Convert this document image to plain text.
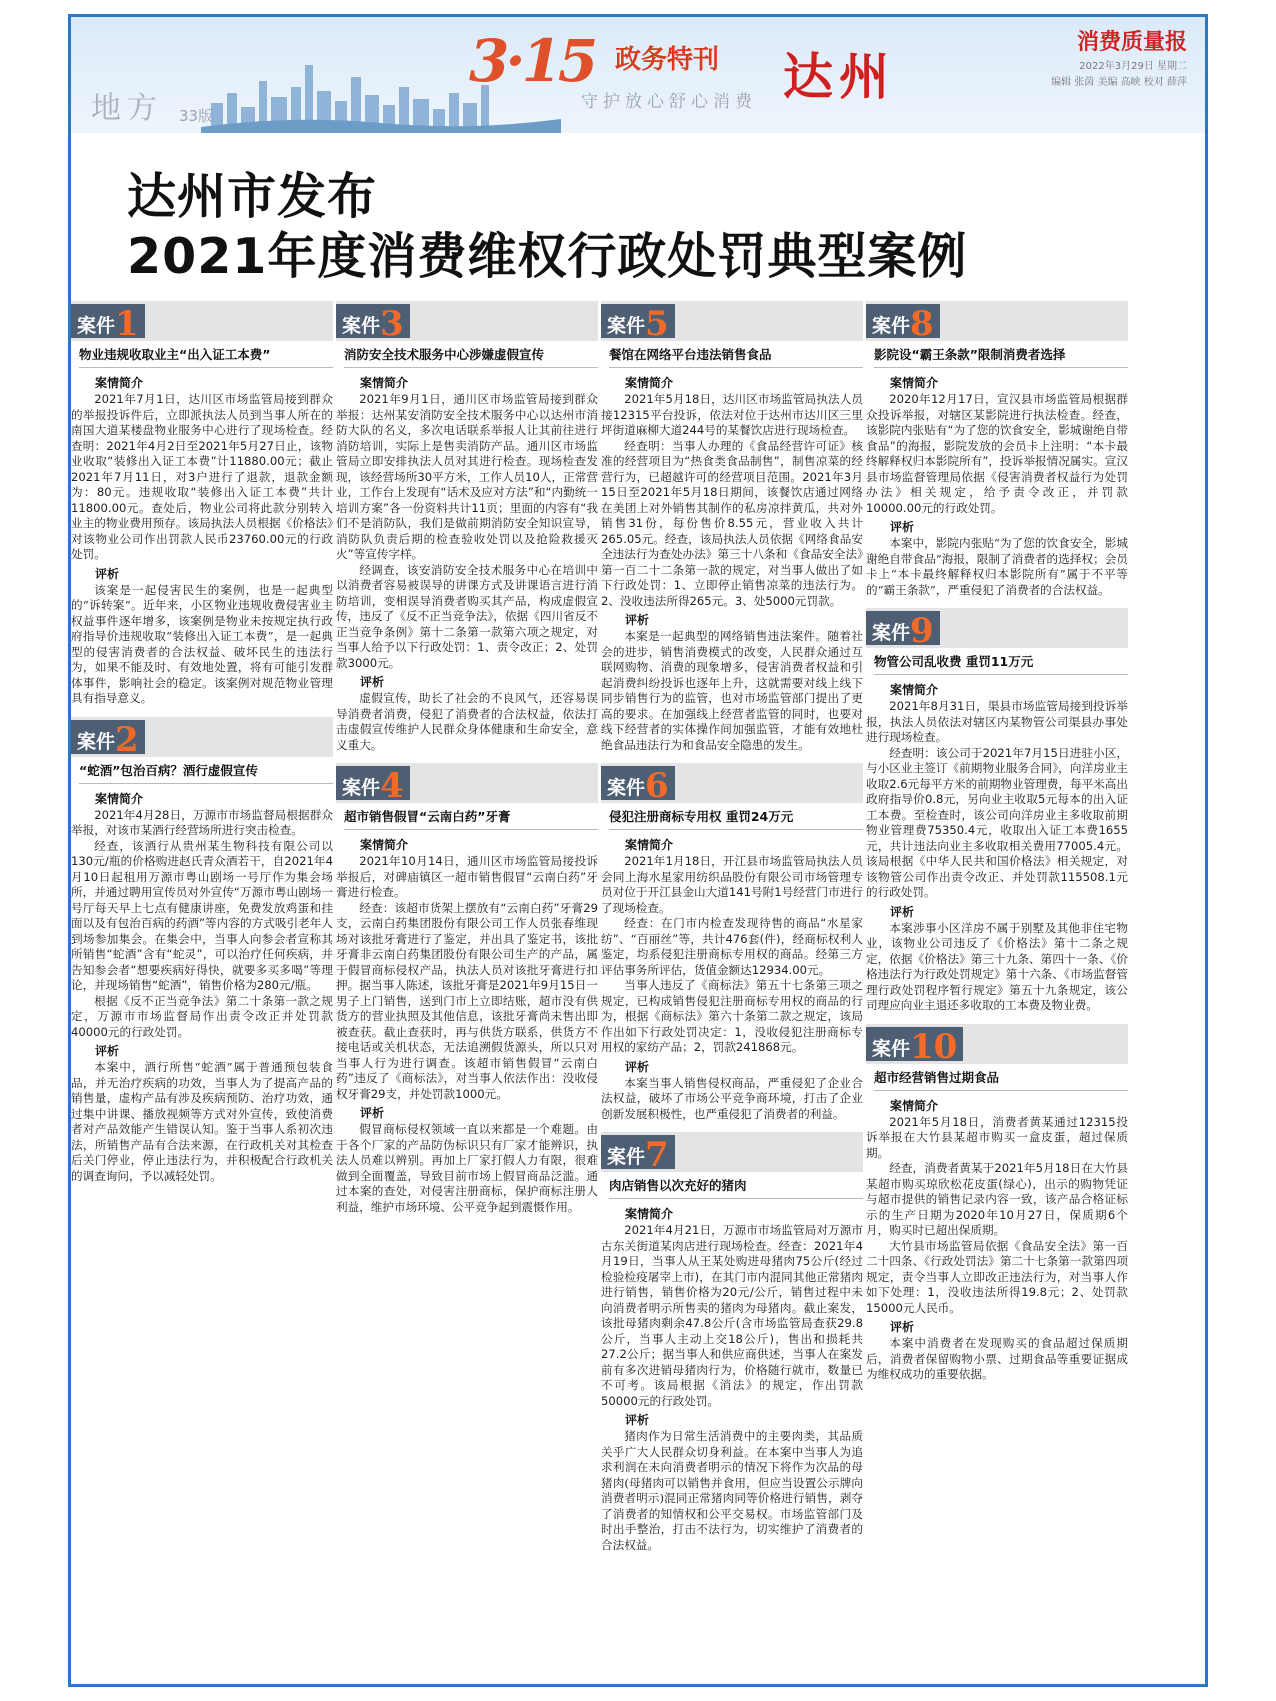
地方 33版
3·15 政务特刊
守护放心舒心消费 达州
消费质量报
2022年3月29日 星期二
编辑 张茵 美编 高峡 校对 薛萍
达州市发布
2021年度消费维权行政处罚典型案例
案件1
物业违规收取业主“出入证工本费”
案情简介

2021年7月1日，达川区市场监管局接到群众的举报投诉件后，立即派执法人员到当事人所在的南国大道某楼盘物业服务中心进行了现场检查。经查明：2021年4月2日至2021年5月27日止，该物业收取“装修出入证工本费”计11880.00元；截止2021年7月11日，对3户进行了退款，退款金额为：80元。违规收取“装修出入证工本费”共计11800.00元。查处后，物业公司将此款分别转入业主的物业费用预存。该局执法人员根据《价格法》对该物业公司作出罚款人民币23760.00元的行政处罚。

评析

该案是一起侵害民生的案例，也是一起典型的“诉转案”。近年来，小区物业违规收费侵害业主权益事件逐年增多，该案例是物业未按规定执行政府指导价违规收取“装修出入证工本费”，是一起典型的侵害消费者的合法权益、破坏民生的违法行为，如果不能及时、有效地处置，将有可能引发群体事件，影响社会的稳定。该案例对规范物业管理具有指导意义。

案件2
“蛇酒”包治百病？酒行虚假宣传
案情简介

2021年4月28日，万源市市场监督局根据群众举报，对该市某酒行经营场所进行突击检查。

经查，该酒行从贵州某生物科技有限公司以130元/瓶的价格购进赵氏青众酒若干，自2021年4月10日起租用万源市粤山剧场一号厅作为集会场所，并通过聘用宣传员对外宣传“万源市粤山剧场一号厅每天早上七点有健康讲座，免费发放鸡蛋和挂面以及有包治百病的药酒”等内容的方式吸引老年人到场参加集会。在集会中，当事人向参会者宣称其所销售“蛇酒”含有“蛇灵”，可以治疗任何疾病，并告知参会者“想要疾病好得快，就要多买多喝”等理论，并现场销售“蛇酒”，销售价格为280元/瓶。

根据《反不正当竞争法》第二十条第一款之规定，万源市市场监督局作出责令改正并处罚款40000元的行政处罚。

评析

本案中，酒行所售“蛇酒”属于普通预包装食品，并无治疗疾病的功效，当事人为了提高产品的销售量，虚构产品有涉及疾病预防、治疗功效，通过集中讲课、播放视频等方式对外宣传，致使消费者对产品效能产生错误认知。鉴于当事人系初次违法，所销售产品有合法来源，在行政机关对其检查后关门停业，停止违法行为，并积极配合行政机关的调查询问，予以减轻处罚。

案件3
消防安全技术服务中心涉嫌虚假宣传
案情简介

2021年9月1日，通川区市场监管局接到群众举报：达州某安消防安全技术服务中心以达州市消防大队的名义，多次电话联系举报人让其前往进行消防培训，实际上是售卖消防产品。通川区市场监管局立即安排执法人员对其进行检查。现场检查发现，该经营场所30平方米，工作人员10人，正常营业，工作台上发现有“话术及应对方法”和“内勤统一培训方案”各一份资料共计11页；里面的内容有“我们不是消防队，我们是做前期消防安全知识宣导，消防队负责后期的检查验收处罚以及抢险救援灭火”等宣传字样。

经调查，该安消防安全技术服务中心在培训中以消费者容易被误导的讲课方式及讲课语言进行消防培训，变相误导消费者购买其产品，构成虚假宣传，违反了《反不正当竞争法》，依据《四川省反不正当竞争条例》第十二条第一款第六项之规定，对当事人给予以下行政处罚：1、责令改正；2、处罚款3000元。

评析

虚假宣传，助长了社会的不良风气，还容易误导消费者消费，侵犯了消费者的合法权益，依法打击虚假宣传维护人民群众身体健康和生命安全，意义重大。

案件4
超市销售假冒“云南白药”牙膏
案情简介

2021年10月14日，通川区市场监管局接投诉举报后，对碑庙镇区一超市销售假冒“云南白药”牙膏进行检查。

经查：该超市货架上摆放有“云南白药”牙膏29支，云南白药集团股份有限公司工作人员张春维现场对该批牙膏进行了鉴定，并出具了鉴定书，该批牙膏非云南白药集团股份有限公司生产的产品，属于假冒商标侵权产品，执法人员对该批牙膏进行扣押。据当事人陈述，该批牙膏是2021年9月15日一男子上门销售，送到门市上立即结账，超市没有供货方的营业执照及其他信息，该批牙膏尚未售出即被查获。截止查获时，再与供货方联系，供货方不接电话或关机状态，无法追溯假货源头，所以只对当事人行为进行调查。该超市销售假冒“云南白药”违反了《商标法》，对当事人依法作出：没收侵权牙膏29支，并处罚款1000元。

评析

假冒商标侵权领域一直以来都是一个难题。由于各个厂家的产品防伪标识只有厂家才能辨识，执法人员难以辨别。再加上厂家打假人力有限，很难做到全面覆盖，导致目前市场上假冒商品泛滥。通过本案的查处，对侵害注册商标，保护商标注册人利益，维护市场环境、公平竞争起到震慑作用。

案件5
餐馆在网络平台违法销售食品
案情简介

2021年5月18日，达川区市场监管局执法人员接12315平台投诉，依法对位于达州市达川区三里坪街道麻柳大道244号的某餐饮店进行现场检查。

经查明：当事人办理的《食品经营许可证》核准的经营项目为“热食类食品制售”，制售凉菜的经营行为，已超越许可的经营项目范围。2021年3月15日至2021年5月18日期间，该餐饮店通过网络在美团上对外销售其制作的私房凉拌黄瓜，共对外销售31份，每份售价8.55元，营业收入共计265.05元。经查，该局执法人员依据《网络食品安全违法行为查处办法》第三十八条和《食品安全法》第一百二十二条第一款的规定，对当事人做出了如下行政处罚：1、立即停止销售凉菜的违法行为。2、没收违法所得265元。3、处5000元罚款。

评析

本案是一起典型的网络销售违法案件。随着社会的进步，销售消费模式的改变，人民群众通过互联网购物、消费的现象增多，侵害消费者权益和引起消费纠纷投诉也逐年上升，这就需要对线上线下同步销售行为的监管，也对市场监管部门提出了更高的要求。在加强线上经营者监管的同时，也要对线下经营者的实体操作间加强监管，才能有效地杜绝食品违法行为和食品安全隐患的发生。

案件6
侵犯注册商标专用权 重罚24万元
案情简介

2021年1月18日，开江县市场监管局执法人员会同上海水星家用纺织品股份有限公司市场管理专员对位于开江县金山大道141号附1号经营门市进行了现场检查。

经查：在门市内检查发现待售的商品“水星家纺”、“百丽丝”等，共计476套(件)，经商标权利人鉴定，均系侵犯注册商标专用权的商品。经第三方评估事务所评估，货值金额达12934.00元。

当事人违反了《商标法》第五十七条第三项之规定，已构成销售侵犯注册商标专用权的商品的行为，根据《商标法》第六十条第二款之规定，该局作出如下行政处罚决定：1，没收侵犯注册商标专用权的家纺产品；2，罚款241868元。

评析

本案当事人销售侵权商品，严重侵犯了企业合法权益，破坏了市场公平竞争商环境，打击了企业创新发展积极性，也严重侵犯了消费者的利益。

案件7
肉店销售以次充好的猪肉
案情简介

2021年4月21日，万源市市场监管局对万源市古东关街道某肉店进行现场检查。经查：2021年4月19日，当事人从王某处购进母猪肉75公斤(经过检验检疫屠宰上市)，在其门市内混同其他正常猪肉进行销售，销售价格为20元/公斤，销售过程中未向消费者明示所售卖的猪肉为母猪肉。截止案发，该批母猪肉剩余47.8公斤(含市场监管局查获29.8公斤，当事人主动上交18公斤)，售出和损耗共27.2公斤；据当事人和供应商供述，当事人在案发前有多次进销母猪肉行为，价格随行就市，数量已不可考。该局根据《消法》的规定，作出罚款50000元的行政处罚。

评析

猪肉作为日常生活消费中的主要肉类，其品质关乎广大人民群众切身利益。在本案中当事人为追求利润在未向消费者明示的情况下将作为次品的母猪肉(母猪肉可以销售并食用，但应当设置公示牌向消费者明示)混同正常猪肉同等价格进行销售，剥夺了消费者的知情权和公平交易权。市场监管部门及时出手整治，打击不法行为，切实维护了消费者的合法权益。

案件8
影院设“霸王条款”限制消费者选择
案情简介

2020年12月17日，宣汉县市场监管局根据群众投诉举报，对辖区某影院进行执法检查。经查，该影院内张贴有“为了您的饮食安全，影城谢绝自带食品”的海报，影院发放的会员卡上注明：“本卡最终解释权归本影院所有”，投诉举报情况属实。宣汉县市场监督管理局依据《侵害消费者权益行为处罚办法》相关规定，给予责令改正，并罚款10000.00元的行政处罚。

评析

本案中，影院内张贴“为了您的饮食安全，影城谢绝自带食品”海报，限制了消费者的选择权；会员卡上“本卡最终解释权归本影院所有”属于不平等的“霸王条款”，严重侵犯了消费者的合法权益。

案件9
物管公司乱收费 重罚11万元
案情简介

2021年8月31日，渠县市场监管局接到投诉举报，执法人员依法对辖区内某物管公司渠县办事处进行现场检查。

经查明：该公司于2021年7月15日进驻小区，与小区业主签订《前期物业服务合同》，向洋房业主收取2.6元每平方米的前期物业管理费，每平米高出政府指导价0.8元，另向业主收取5元每本的出入证工本费。至检查时，该公司向洋房业主多收取前期物业管理费75350.4元，收取出入证工本费1655元，共计违法向业主多收取相关费用77005.4元。该局根据《中华人民共和国价格法》相关规定，对该物管公司作出责令改正、并处罚款115508.1元的行政处罚。

评析

本案涉事小区洋房不属于别墅及其他非住宅物业，该物业公司违反了《价格法》第十二条之规定，依据《价格法》第三十九条、第四十一条、《价格违法行为行政处罚规定》第十六条、《市场监督管理行政处罚程序暂行规定》第五十九条规定，该公司理应向业主退还多收取的工本费及物业费。

案件10
超市经营销售过期食品
案情简介

2021年5月18日，消费者黄某通过12315投诉举报在大竹县某超市购买一盒皮蛋，超过保质期。

经查，消费者黄某于2021年5月18日在大竹县某超市购买琼欣松花皮蛋(绿心)，出示的购物凭证与超市提供的销售记录内容一致，该产品合格证标示的生产日期为2020年10月27日，保质期6个月，购买时已超出保质期。

大竹县市场监管局依据《食品安全法》第一百二十四条、《行政处罚法》第二十七条第一款第四项规定，责令当事人立即改正违法行为，对当事人作如下处理：1，没收违法所得19.8元；2、处罚款15000元人民币。

评析

本案中消费者在发现购买的食品超过保质期后，消费者保留购物小票、过期食品等重要证据成为维权成功的重要依据。
